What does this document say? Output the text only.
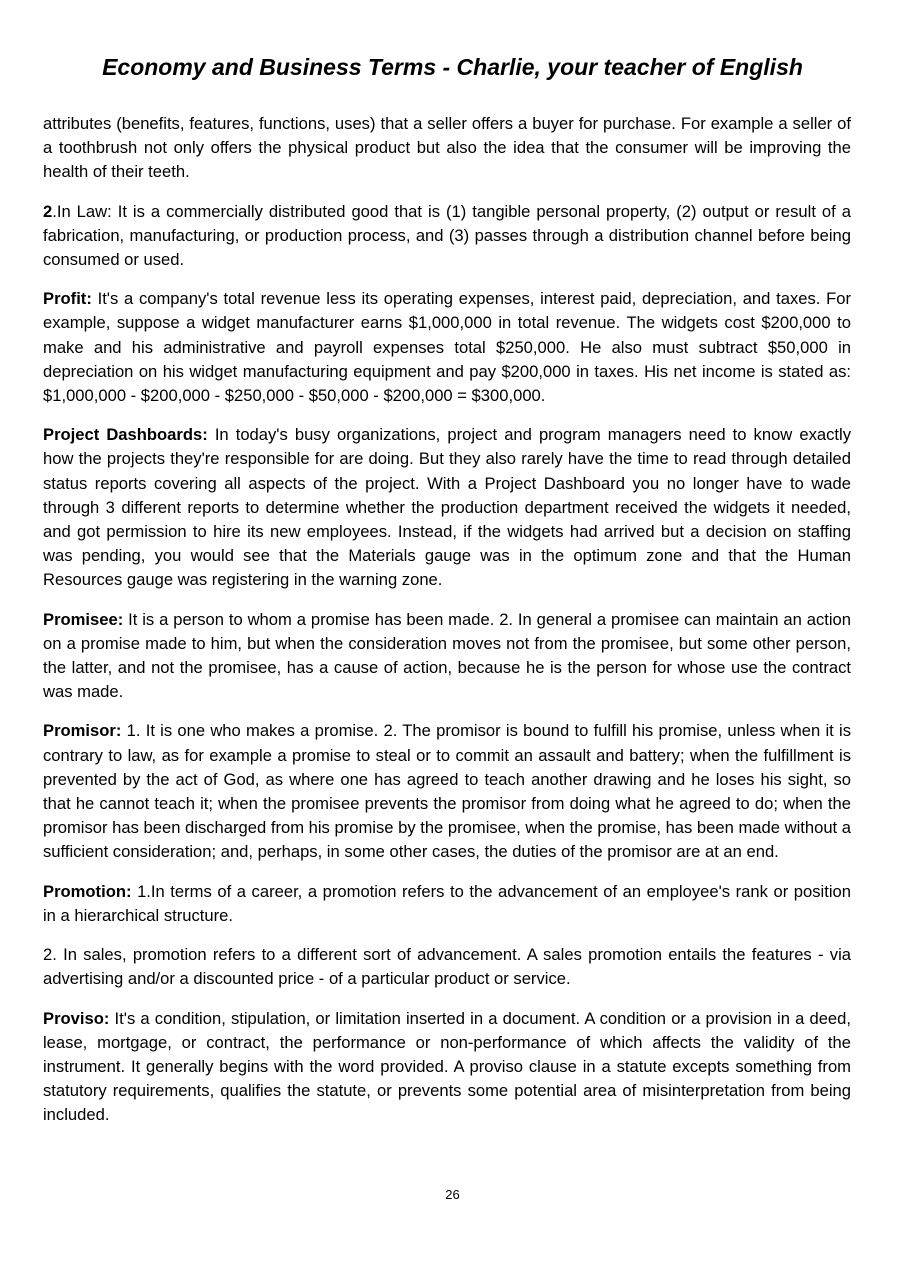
Economy and Business Terms - Charlie, your teacher of English

attributes (benefits, features, functions, uses) that a seller offers a buyer for purchase. For example a seller of a toothbrush not only offers the physical product but also the idea that the consumer will be improving the health of their teeth.

2.In Law: It is a commercially distributed good that is (1) tangible personal property, (2) output or result of a fabrication, manufacturing, or production process, and (3) passes through a distribution channel before being consumed or used.

Profit: It's a company's total revenue less its operating expenses, interest paid, depreciation, and taxes. For example, suppose a widget manufacturer earns $1,000,000 in total revenue. The widgets cost $200,000 to make and his administrative and payroll expenses total $250,000. He also must subtract $50,000 in depreciation on his widget manufacturing equipment and pay $200,000 in taxes. His net income is stated as: $1,000,000 - $200,000 - $250,000 - $50,000 - $200,000 = $300,000.

Project Dashboards: In today's busy organizations, project and program managers need to know exactly how the projects they're responsible for are doing. But they also rarely have the time to read through detailed status reports covering all aspects of the project. With a Project Dashboard you no longer have to wade through 3 different reports to determine whether the production department received the widgets it needed, and got permission to hire its new employees. Instead, if the widgets had arrived but a decision on staffing was pending, you would see that the Materials gauge was in the optimum zone and that the Human Resources gauge was registering in the warning zone.

Promisee: It is a person to whom a promise has been made. 2. In general a promisee can maintain an action on a promise made to him, but when the consideration moves not from the promisee, but some other person, the latter, and not the promisee, has a cause of action, because he is the person for whose use the contract was made.

Promisor: 1. It is one who makes a promise. 2. The promisor is bound to fulfill his promise, unless when it is contrary to law, as for example a promise to steal or to commit an assault and battery; when the fulfillment is prevented by the act of God, as where one has agreed to teach another drawing and he loses his sight, so that he cannot teach it; when the promisee prevents the promisor from doing what he agreed to do; when the promisor has been discharged from his promise by the promisee, when the promise, has been made without a sufficient consideration; and, perhaps, in some other cases, the duties of the promisor are at an end.

Promotion: 1.In terms of a career, a promotion refers to the advancement of an employee's rank or position in a hierarchical structure.

2. In sales, promotion refers to a different sort of advancement. A sales promotion entails the features - via advertising and/or a discounted price - of a particular product or service.

Proviso: It's a condition, stipulation, or limitation inserted in a document. A condition or a provision in a deed, lease, mortgage, or contract, the performance or non-performance of which affects the validity of the instrument. It generally begins with the word provided. A proviso clause in a statute excepts something from statutory requirements, qualifies the statute, or prevents some potential area of misinterpretation from being included.

26
